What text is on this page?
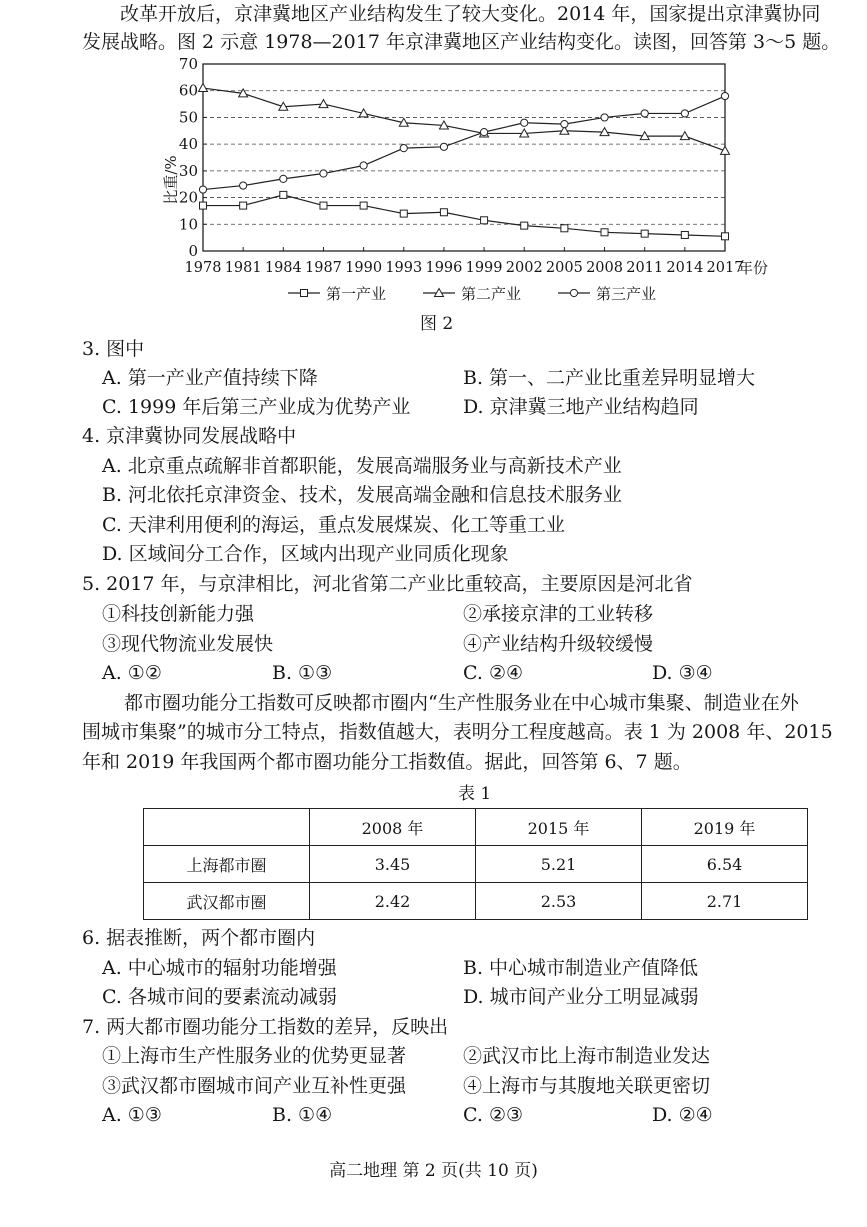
改革开放后，京津冀地区产业结构发生了较大变化。2014 年，国家提出京津冀协同
发展战略。图 2 示意 1978—2017 年京津冀地区产业结构变化。读图，回答第 3～5 题。
0
10
20
30
40
50
60
70
1978 1981 1984 1987 1990 1993 1996 1999 2002 2005 2008 2011 2014 2017
比重/%
年份
第一产业	第二产业	第三产业
图 2
3. 图中
A. 第一产业产值持续下降	B. 第一、二产业比重差异明显增大
C. 1999 年后第三产业成为优势产业	D. 京津冀三地产业结构趋同
4. 京津冀协同发展战略中
A. 北京重点疏解非首都职能，发展高端服务业与高新技术产业
B. 河北依托京津资金、技术，发展高端金融和信息技术服务业
C. 天津利用便利的海运，重点发展煤炭、化工等重工业
D. 区域间分工合作，区域内出现产业同质化现象
5. 2017 年，与京津相比，河北省第二产业比重较高，主要原因是河北省
①科技创新能力强	②承接京津的工业转移
③现代物流业发展快	④产业结构升级较缓慢
A. ①②	B. ①③	C. ②④	D. ③④
都市圈功能分工指数可反映都市圈内“生产性服务业在中心城市集聚、制造业在外
围城市集聚”的城市分工特点，指数值越大，表明分工程度越高。表 1 为 2008 年、2015
年和 2019 年我国两个都市圈功能分工指数值。据此，回答第 6、7 题。
表 1
	2008 年	2015 年	2019 年
上海都市圈	3.45	5.21	6.54
武汉都市圈	2.42	2.53	2.71
6. 据表推断，两个都市圈内
A. 中心城市的辐射功能增强	B. 中心城市制造业产值降低
C. 各城市间的要素流动减弱	D. 城市间产业分工明显减弱
7. 两大都市圈功能分工指数的差异，反映出
①上海市生产性服务业的优势更显著	②武汉市比上海市制造业发达
③武汉都市圈城市间产业互补性更强	④上海市与其腹地关联更密切
A. ①③	B. ①④	C. ②③	D. ②④
高二地理 第 2 页(共 10 页)
